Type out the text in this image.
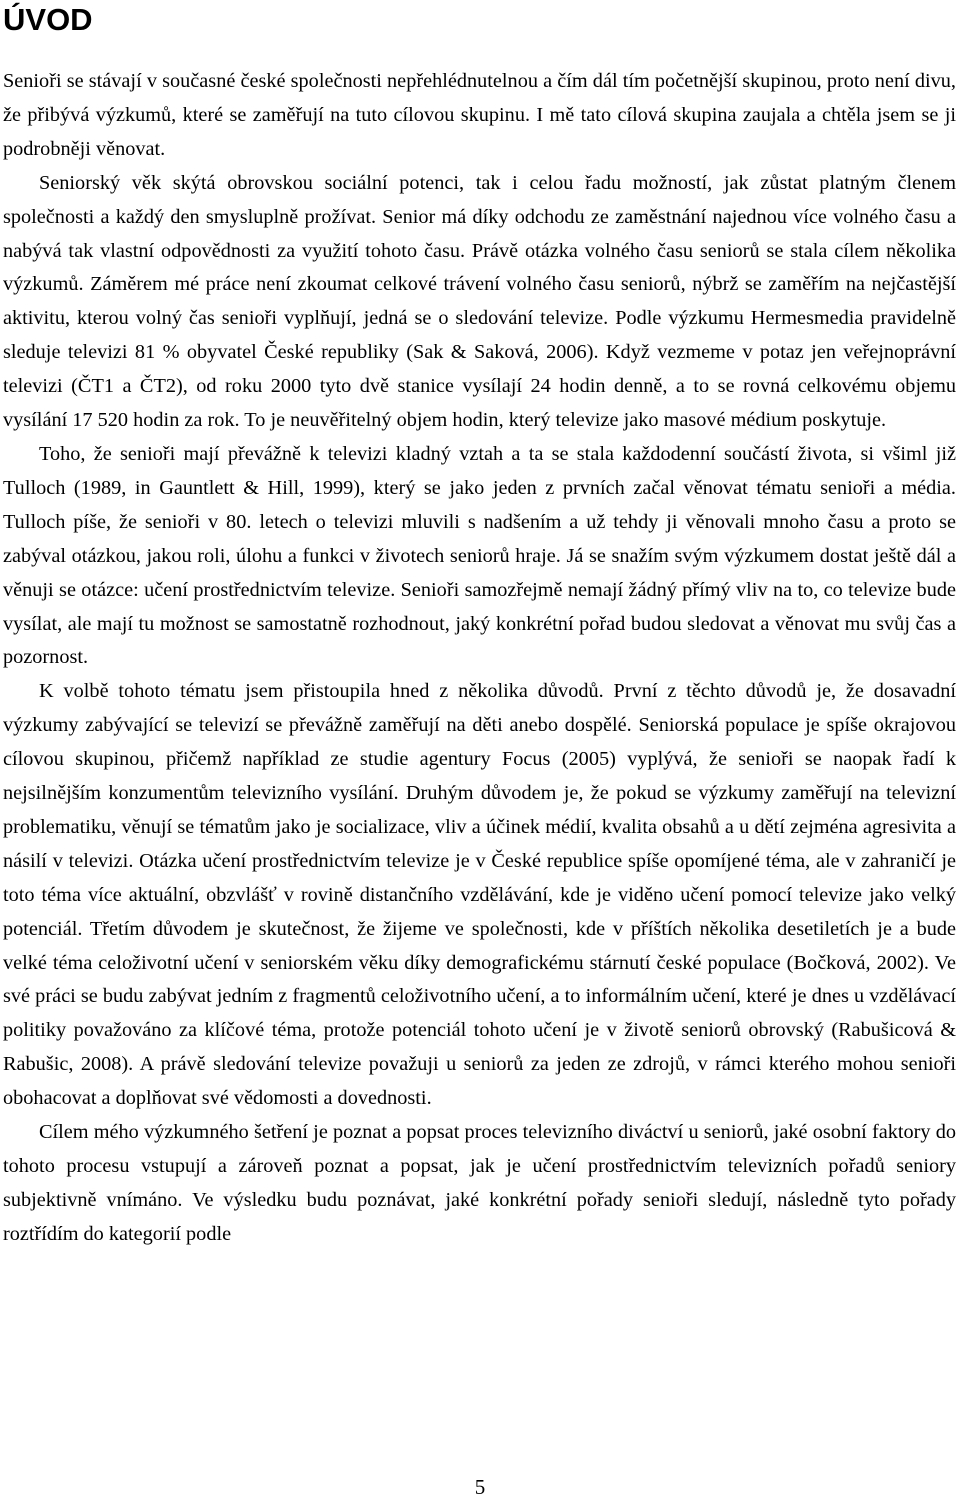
ÚVOD

Senioři se stávají v současné české společnosti nepřehlédnutelnou a čím dál tím početnější skupinou, proto není divu, že přibývá výzkumů, které se zaměřují na tuto cílovou skupinu. I mě tato cílová skupina zaujala a chtěla jsem se ji podrobněji věnovat.

Seniorský věk skýtá obrovskou sociální potenci, tak i celou řadu možností, jak zůstat platným členem společnosti a každý den smysluplně prožívat. Senior má díky odchodu ze zaměstnání najednou více volného času a nabývá tak vlastní odpovědnosti za využití tohoto času. Právě otázka volného času seniorů se stala cílem několika výzkumů. Záměrem mé práce není zkoumat celkové trávení volného času seniorů, nýbrž se zaměřím na nejčastější aktivitu, kterou volný čas senioři vyplňují, jedná se o sledování televize. Podle výzkumu Hermesmedia pravidelně sleduje televizi 81 % obyvatel České republiky (Sak & Saková, 2006). Když vezmeme v potaz jen veřejnoprávní televizi (ČT1 a ČT2), od roku 2000 tyto dvě stanice vysílají 24 hodin denně, a to se rovná celkovému objemu vysílání 17 520 hodin za rok. To je neuvěřitelný objem hodin, který televize jako masové médium poskytuje.

Toho, že senioři mají převážně k televizi kladný vztah a ta se stala každodenní součástí života, si všiml již Tulloch (1989, in Gauntlett & Hill, 1999), který se jako jeden z prvních začal věnovat tématu senioři a média. Tulloch píše, že senioři v 80. letech o televizi mluvili s nadšením a už tehdy ji věnovali mnoho času a proto se zabýval otázkou, jakou roli, úlohu a funkci v životech seniorů hraje. Já se snažím svým výzkumem dostat ještě dál a věnuji se otázce: učení prostřednictvím televize. Senioři samozřejmě nemají žádný přímý vliv na to, co televize bude vysílat, ale mají tu možnost se samostatně rozhodnout, jaký konkrétní pořad budou sledovat a věnovat mu svůj čas a pozornost.

K volbě tohoto tématu jsem přistoupila hned z několika důvodů. První z těchto důvodů je, že dosavadní výzkumy zabývající se televizí se převážně zaměřují na děti anebo dospělé. Seniorská populace je spíše okrajovou cílovou skupinou, přičemž například ze studie agentury Focus (2005) vyplývá, že senioři se naopak řadí k nejsilnějším konzumentům televizního vysílání. Druhým důvodem je, že pokud se výzkumy zaměřují na televizní problematiku, věnují se tématům jako je socializace, vliv a účinek médií, kvalita obsahů a u dětí zejména agresivita a násilí v televizi. Otázka učení prostřednictvím televize je v České republice spíše opomíjené téma, ale v zahraničí je toto téma více aktuální, obzvlášť v rovině distančního vzdělávání, kde je viděno učení pomocí televize jako velký potenciál. Třetím důvodem je skutečnost, že žijeme ve společnosti, kde v příštích několika desetiletích je a bude velké téma celoživotní učení v seniorském věku díky demografickému stárnutí české populace (Bočková, 2002). Ve své práci se budu zabývat jedním z fragmentů celoživotního učení, a to informálním učení, které je dnes u vzdělávací politiky považováno za klíčové téma, protože potenciál tohoto učení je v životě seniorů obrovský (Rabušicová & Rabušic, 2008). A právě sledování televize považuji u seniorů za jeden ze zdrojů, v rámci kterého mohou senioři obohacovat a doplňovat své vědomosti a dovednosti.

Cílem mého výzkumného šetření je poznat a popsat proces televizního diváctví u seniorů, jaké osobní faktory do tohoto procesu vstupují a zároveň poznat a popsat, jak je učení prostřednictvím televizních pořadů seniory subjektivně vnímáno. Ve výsledku budu poznávat, jaké konkrétní pořady senioři sledují, následně tyto pořady roztřídím do kategorií podle

5
